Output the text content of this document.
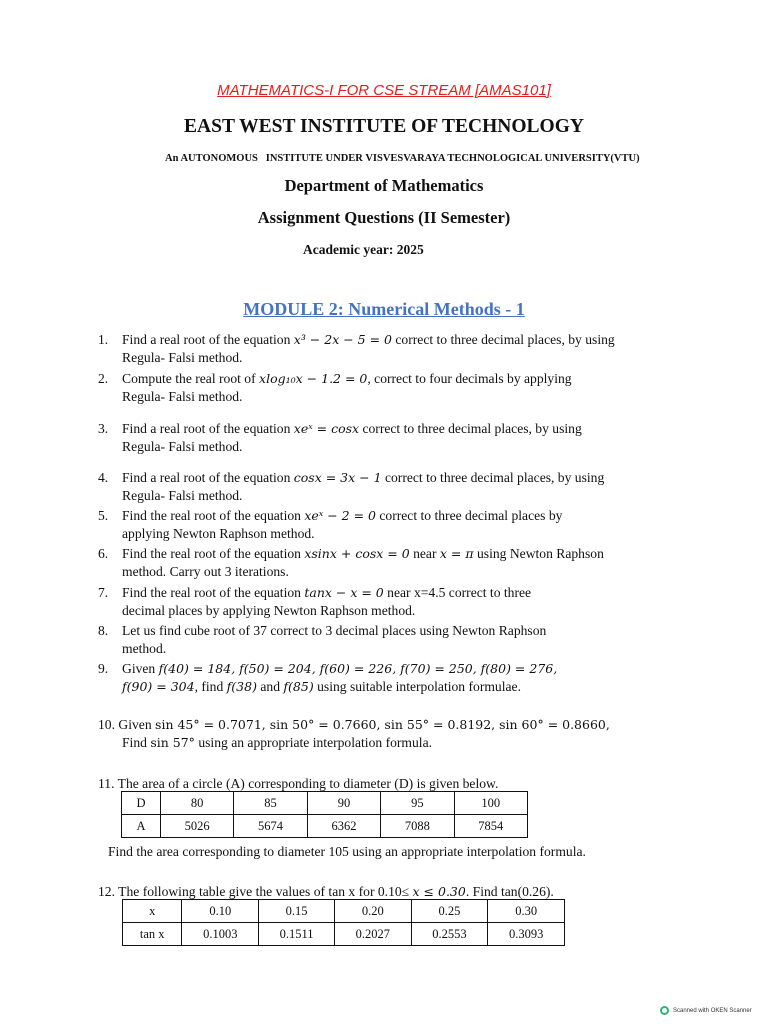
MATHEMATICS-I FOR CSE STREAM [AMAS101]
EAST WEST INSTITUTE OF TECHNOLOGY
An AUTONOMOUS   INSTITUTE UNDER VISVESVARAYA TECHNOLOGICAL UNIVERSITY(VTU)
Department of Mathematics
Assignment Questions (II Semester)
Academic year: 2025
MODULE 2: Numerical Methods - 1
1. Find a real root of the equation x³ − 2x − 5 = 0 correct to three decimal places, by using
Regula- Falsi method.
2. Compute the real root of xlog₁₀x − 1.2 = 0, correct to four decimals by applying
Regula- Falsi method.
3. Find a real root of the equation xeˣ = cosx correct to three decimal places, by using
Regula- Falsi method.
4. Find a real root of the equation cosx = 3x − 1 correct to three decimal places, by using
Regula- Falsi method.
5. Find the real root of the equation xeˣ − 2 = 0 correct to three decimal places by
applying Newton Raphson method.
6. Find the real root of the equation xsinx + cosx = 0 near x = π using Newton Raphson
method. Carry out 3 iterations.
7. Find the real root of the equation tanx − x = 0 near x=4.5 correct to three
decimal places by applying Newton Raphson method.
8. Let us find cube root of 37 correct to 3 decimal places using Newton Raphson
method.
9. Given f(40) = 184, f(50) = 204, f(60) = 226, f(70) = 250, f(80) = 276,
f(90) = 304, find f(38) and f(85) using suitable interpolation formulae.
10. Given sin 45° = 0.7071, sin 50° = 0.7660, sin 55° = 0.8192, sin 60° = 0.8660,
Find sin 57° using an appropriate interpolation formula.
11. The area of a circle (A) corresponding to diameter (D) is given below.
D	80	85	90	95	100
A	5026	5674	6362	7088	7854
Find the area corresponding to diameter 105 using an appropriate interpolation formula.
12. The following table give the values of tan x for 0.10≤ x ≤ 0.30. Find tan(0.26).
x	0.10	0.15	0.20	0.25	0.30
tan x	0.1003	0.1511	0.2027	0.2553	0.3093
Scanned with OKEN Scanner
